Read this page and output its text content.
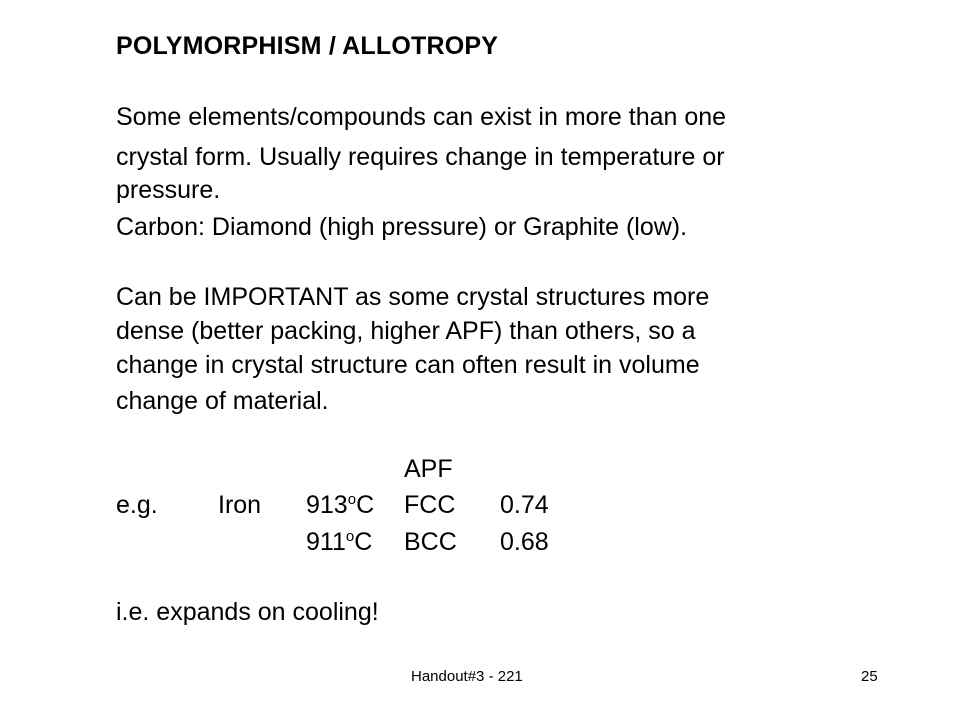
POLYMORPHISM / ALLOTROPY
Some elements/compounds can exist in more than one
crystal form. Usually requires change in temperature or
pressure.
Carbon: Diamond (high pressure) or Graphite (low).
Can be IMPORTANT as some crystal structures more
dense (better packing, higher APF) than others, so a
change in crystal structure can often result in volume
change of material.
APF
e.g. Iron 913$^o$C FCC 0.74
911$^o$C BCC 0.68
i.e. expands on cooling!
Handout#3 - 221	25
